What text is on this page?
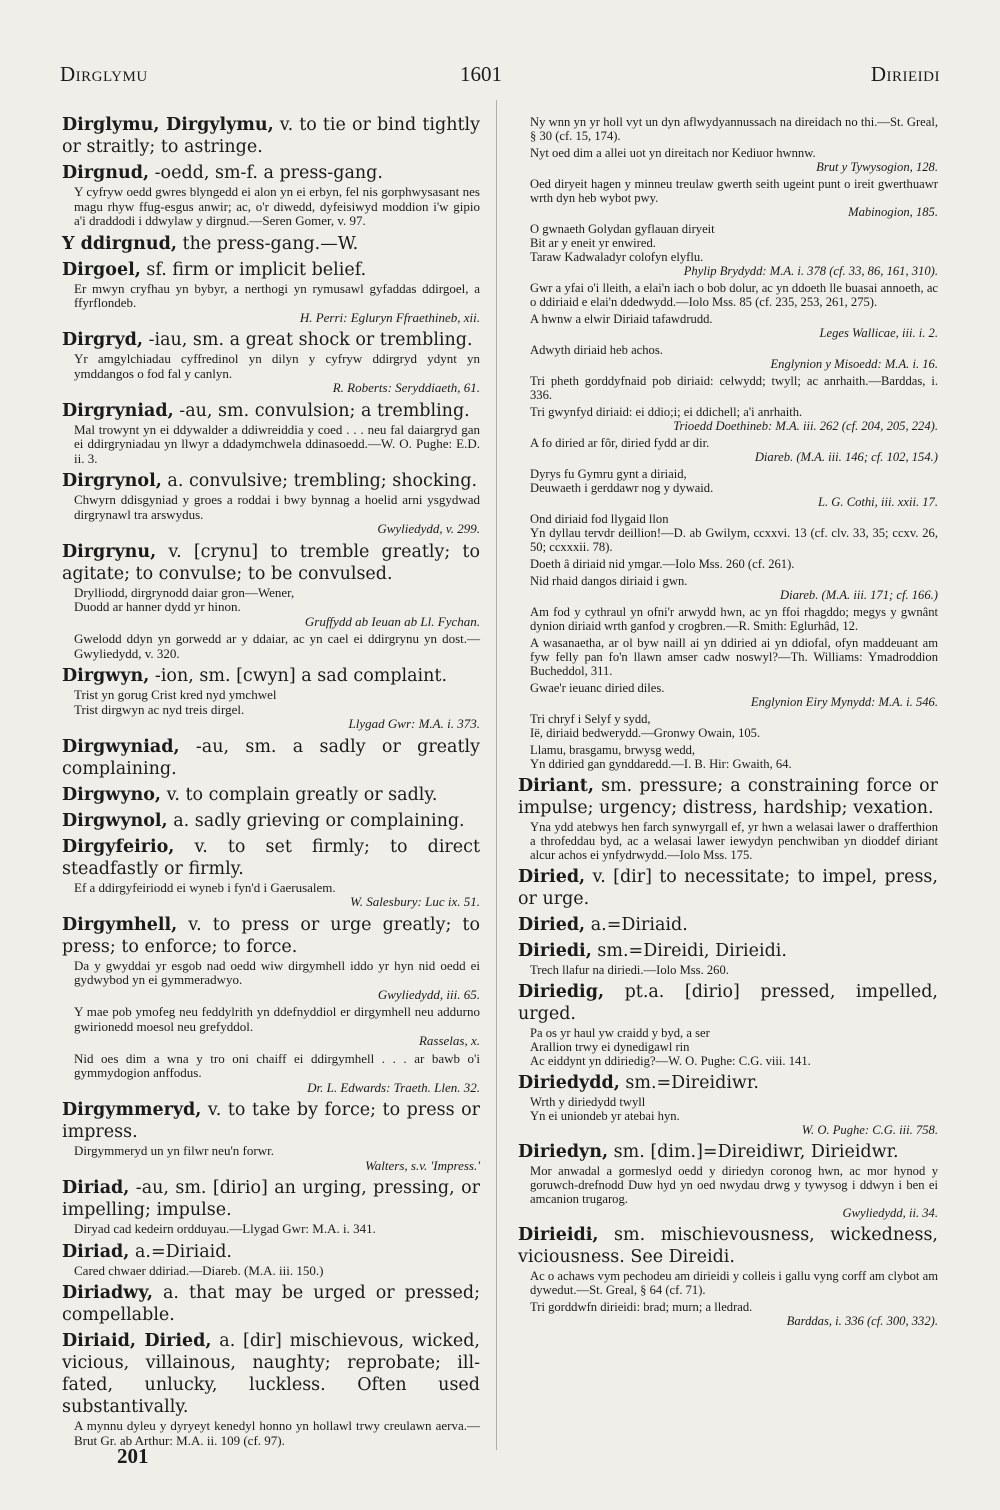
Dirglymu	1601	Dirieidi
Dirglymu, Dirgylymu, v. to tie or bind tightly or straitly; to astringe.
Dirgnud, -oedd, sm-f. a press-gang.
Y cyfryw oedd gwres blyngedd ei alon yn ei erbyn, fel nis gorphwysasant nes magu rhyw ffug-esgus anwir; ac, o'r diwedd, dyfeisiwyd moddion i'w gipio a'i draddodi i ddwylaw y dirgnud.—Seren Gomer, v. 97.
Y ddirgnud, the press-gang.—W.
Dirgoel, sf. firm or implicit belief.
Er mwyn cryfhau yn bybyr, a nerthogi yn rymusawl gyfaddas ddirgoel, a ffyrflondeb.
H. Perri: Egluryn Ffraethineb, xii.
Dirgryd, -iau, sm. a great shock or trembling.
Yr amgylchiadau cyffredinol yn dilyn y cyfryw ddirgryd ydynt yn ymddangos o fod fal y canlyn.
R. Roberts: Seryddiaeth, 61.
Dirgryniad, -au, sm. convulsion; a trembling.
Mal trowynt yn ei ddywalder a ddiwreiddia y coed . . . neu fal daiargryd gan ei ddirgryniadau yn llwyr a ddadymchwela ddinasoedd.—W. O. Pughe: E.D. ii. 3.
Dirgrynol, a. convulsive; trembling; shocking.
Chwyrn ddisgyniad y groes a roddai i bwy bynnag a hoelid arni ysgydwad dirgrynawl tra arswydus.
Gwyliedydd, v. 299.
Dirgrynu, v. [crynu] to tremble greatly; to agitate; to convulse; to be convulsed.
Drylliodd, dirgrynodd daiar gron—Wener,
Duodd ar hanner dydd yr hinon.
Gruffydd ab Ieuan ab Ll. Fychan.
Gwelodd ddyn yn gorwedd ar y ddaiar, ac yn cael ei ddirgrynu yn dost.—Gwyliedydd, v. 320.
Dirgwyn, -ion, sm. [cwyn] a sad complaint.
Trist yn gorug Crist kred nyd ymchwel
Trist dirgwyn ac nyd treis dirgel.
Llygad Gwr: M.A. i. 373.
Dirgwyniad, -au, sm. a sadly or greatly complaining.
Dirgwyno, v. to complain greatly or sadly.
Dirgwynol, a. sadly grieving or complaining.
Dirgyfeirio, v. to set firmly; to direct steadfastly or firmly.
Ef a ddirgyfeiriodd ei wyneb i fyn'd i Gaerusalem.
W. Salesbury: Luc ix. 51.
Dirgymhell, v. to press or urge greatly; to press; to enforce; to force.
Da y gwyddai yr esgob nad oedd wiw dirgymhell iddo yr hyn nid oedd ei gydwybod yn ei gymmeradwyo.
Gwyliedydd, iii. 65.
Y mae pob ymofeg neu feddylrith yn ddefnyddiol er dirgymhell neu addurno gwirionedd moesol neu grefyddol.
Rasselas, x.
Nid oes dim a wna y tro oni chaiff ei ddirgymhell . . . ar bawb o'i gymmydogion anffodus.
Dr. L. Edwards: Traeth. Llen. 32.
Dirgymmeryd, v. to take by force; to press or impress.
Dirgymmeryd un yn filwr neu'n forwr.
Walters, s.v. 'Impress.'
Diriad, -au, sm. [dirio] an urging, pressing, or impelling; impulse.
Diryad cad kedeirn ordduyau.—Llygad Gwr: M.A. i. 341.
Diriad, a.=Diriaid.
Cared chwaer ddiriad.—Diareb. (M.A. iii. 150.)
Diriadwy, a. that may be urged or pressed; compellable.
Diriaid, Diried, a. [dir] mischievous, wicked, vicious, villainous, naughty; reprobate; ill-fated, unlucky, luckless. Often used substantivally.
A mynnu dyleu y dyryeyt kenedyl honno yn hollawl trwy creulawn aerva.—Brut Gr. ab Arthur: M.A. ii. 109 (cf. 97).
Ny wnn yn yr holl vyt un dyn aflwydyannussach na direidach no thi.—St. Greal, § 30 (cf. 15, 174).
Nyt oed dim a allei uot yn direitach nor Kediuor hwnnw.
Brut y Tywysogion, 128.
Oed diryeit hagen y minneu treulaw gwerth seith ugeint punt o ireit gwerthuawr wrth dyn heb wybot pwy.
Mabinogion, 185.
O gwnaeth Golydan gyflauan diryeit
Bit ar y eneit yr enwired.
Taraw Kadwaladyr colofyn elyflu.
Phylip Brydydd: M.A. i. 378 (cf. 33, 86, 161, 310).
Gwr a yfai o'i lleith, a elai'n iach o bob dolur, ac yn ddoeth lle buasai annoeth, ac o ddiriaid e elai'n ddedwydd.—Iolo Mss. 85 (cf. 235, 253, 261, 275).
A hwnw a elwir Diriaid tafawdrudd.
Leges Wallicae, iii. i. 2.
Adwyth diriaid heb achos.
Englynion y Misoedd: M.A. i. 16.
Tri pheth gorddyfnaid pob diriaid: celwydd; twyll; ac anrhaith.—Barddas, i. 336.
Tri gwynfyd diriaid: ei ddio;i; ei ddichell; a'i anrhaith.
Trioedd Doethineb: M.A. iii. 262 (cf. 204, 205, 224).
A fo diried ar fôr, diried fydd ar dir.
Diareb. (M.A. iii. 146; cf. 102, 154.)
Dyrys fu Gymru gynt a diriaid,
Deuwaeth i gerddawr nog y dywaid.
L. G. Cothi, iii. xxii. 17.
Ond diriaid fod llygaid llon
Yn dyllau tervdr deillion!—D. ab Gwilym, ccxxvi. 13 (cf. clv. 33, 35; ccxv. 26, 50; ccxxxii. 78).
Doeth â diriaid nid ymgar.—Iolo Mss. 260 (cf. 261).
Nid rhaid dangos diriaid i gwn.
Diareb. (M.A. iii. 171; cf. 166.)
Am fod y cythraul yn ofni'r arwydd hwn, ac yn ffoi rhagddo; megys y gwnânt dynion diriaid wrth ganfod y crogbren.—R. Smith: Eglurhâd, 12.
A wasanaetha, ar ol byw naill ai yn ddiried ai yn ddiofal, ofyn maddeuant am fyw felly pan fo'n llawn amser cadw noswyl?—Th. Williams: Ymadroddion Bucheddol, 311.
Gwae'r ieuanc diried diles.
Englynion Eiry Mynydd: M.A. i. 546.
Tri chryf i Selyf y sydd,
Ië, diriaid bedwerydd.—Gronwy Owain, 105.
Llamu, brasgamu, brwysg wedd,
Yn ddiried gan gynddaredd.—I. B. Hir: Gwaith, 64.
Diriant, sm. pressure; a constraining force or impulse; urgency; distress, hardship; vexation.
Yna ydd atebwys hen farch synwyrgall ef, yr hwn a welasai lawer o drafferthion a throfeddau byd, ac a welasai lawer iewydyn penchwiban yn dioddef diriant alcur achos ei ynfydrwydd.—Iolo Mss. 175.
Diried, v. [dir] to necessitate; to impel, press, or urge.
Diried, a.=Diriaid.
Diriedi, sm.=Direidi, Dirieidi.
Trech llafur na diriedi.—Iolo Mss. 260.
Diriedig, pt.a. [dirio] pressed, impelled, urged.
Pa os yr haul yw craidd y byd, a ser
Arallion trwy ei dynedigawl rin
Ac eiddynt yn ddiriedig?—W. O. Pughe: C.G. viii. 141.
Diriedydd, sm.=Direidiwr.
Wrth y diriedydd twyll
Yn ei uniondeb yr atebai hyn.
W. O. Pughe: C.G. iii. 758.
Diriedyn, sm. [dim.]=Direidiwr, Dirieidwr.
Mor anwadal a gormeslyd oedd y diriedyn coronog hwn, ac mor hynod y goruwch-drefnodd Duw hyd yn oed nwydau drwg y tywysog i ddwyn i ben ei amcanion trugarog.
Gwyliedydd, ii. 34.
Dirieidi, sm. mischievousness, wickedness, viciousness. See Direidi.
Ac o achaws vym pechodeu am dirieidi y colleis i gallu vyng corff am clybot am dywedut.—St. Greal, § 64 (cf. 71).
Tri gorddwfn dirieidi: brad; murn; a lledrad.
Barddas, i. 336 (cf. 300, 332).
201
